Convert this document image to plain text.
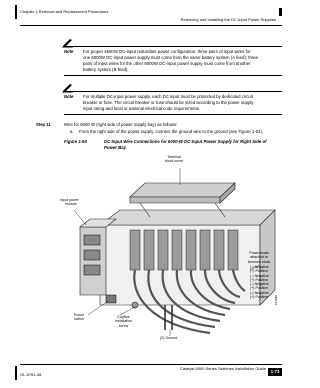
Chapter 1 Removal and Replacement Procedures
Removing and Installing the DC-Input Power Supplies
Note For proper 4500W DC-input redundant power configuration, three pairs of input wires for
one 6000W DC-input power supply must come from the same battery system (A feed); three
pairs of input wires for the other 6000W DC-input power supply must come from another
battery system (B feed).
Note For multiple DC-input power supply, each DC input must be protected by dedicated circuit
breaker or fuse. The circuit breaker or fuse should be sized according to the power supply
input rating and local or national electrical code requirements.
Step 11	Wire for 6000 W (right side of power supply bay) as follows:
a. From the right side of the power supply, connect the ground wire to the ground (see Figure 1-53).
Figure 1-53	DC-Input Wire Connections for 6000-W DC-Input Power Supply for Right Side of
Power Bay
Terminal
block cover
Input power
module
Power
switch
Captive
installation
screw
(2) Ground
Power leads
attached to
terminal block
(-) Negative
(+) Positive
(-) Negative
(+) Positive
(-) Negative
(+) Positive
(-) Negative
(+) Positive 191580
Catalyst 6500 Series Switches Installation Guide
1-73
OL-5781-08
